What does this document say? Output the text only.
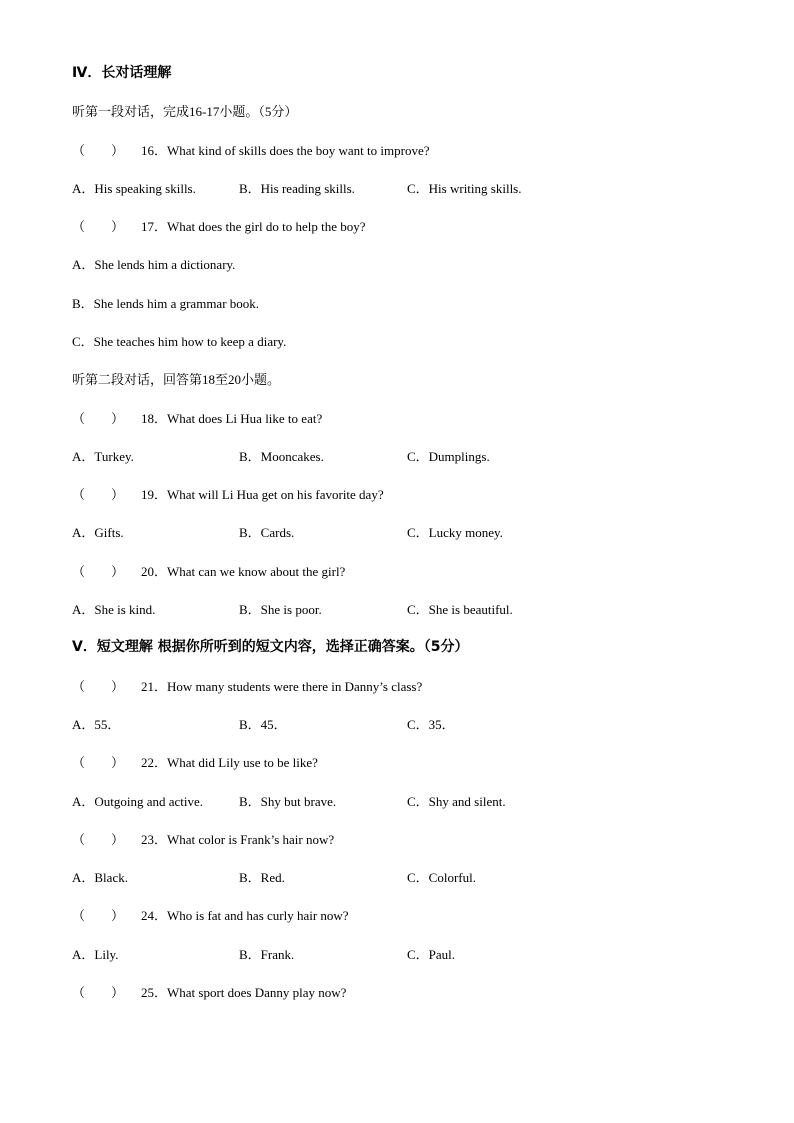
Ⅳ．长对话理解
听第一段对话，完成16-17小题。（5分）
（　　） 16．What kind of skills does the boy want to improve?
A．His speaking skills.	B．His reading skills.	C．His writing skills.
（　　） 17．What does the girl do to help the boy?
A．She lends him a dictionary.
B．She lends him a grammar book.
C．She teaches him how to keep a diary.
听第二段对话，回答第18至20小题。
（　　） 18．What does Li Hua like to eat?
A．Turkey.	B．Mooncakes.	C．Dumplings.
（　　） 19．What will Li Hua get on his favorite day?
A．Gifts.	B．Cards.	C．Lucky money.
（　　） 20．What can we know about the girl?
A．She is kind.	B．She is poor.	C．She is beautiful.
Ⅴ．短文理解 根据你所听到的短文内容，选择正确答案。（5分）
（　　） 21．How many students were there in Danny’s class?
A．55．	B．45．	C．35．
（　　） 22．What did Lily use to be like?
A．Outgoing and active.	B．Shy but brave.	C．Shy and silent.
（　　） 23．What color is Frank’s hair now?
A．Black.	B．Red.	C．Colorful.
（　　） 24．Who is fat and has curly hair now?
A．Lily.	B．Frank.	C．Paul.
（　　） 25．What sport does Danny play now?
